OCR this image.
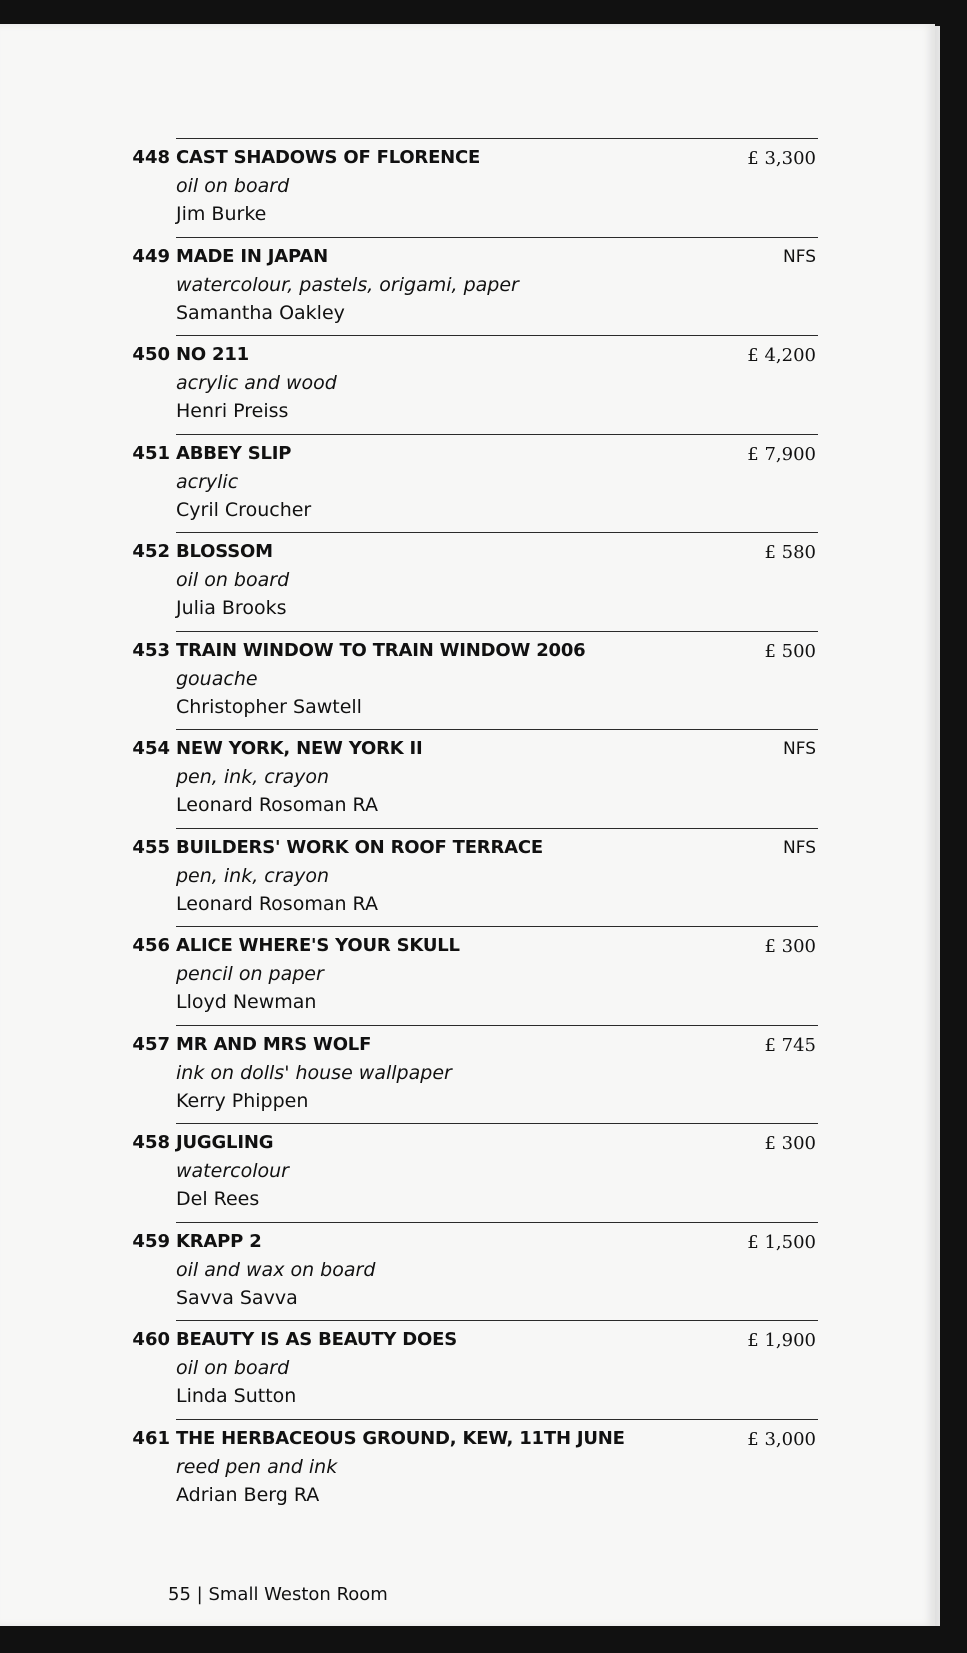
448 CAST SHADOWS OF FLORENCE
oil on board
Jim Burke
£ 3,300
449 MADE IN JAPAN
watercolour, pastels, origami, paper
Samantha Oakley
NFS
450 NO 211
acrylic and wood
Henri Preiss
£ 4,200
451 ABBEY SLIP
acrylic
Cyril Croucher
£ 7,900
452 BLOSSOM
oil on board
Julia Brooks
£ 580
453 TRAIN WINDOW TO TRAIN WINDOW 2006
gouache
Christopher Sawtell
£ 500
454 NEW YORK, NEW YORK II
pen, ink, crayon
Leonard Rosoman RA
NFS
455 BUILDERS' WORK ON ROOF TERRACE
pen, ink, crayon
Leonard Rosoman RA
NFS
456 ALICE WHERE'S YOUR SKULL
pencil on paper
Lloyd Newman
£ 300
457 MR AND MRS WOLF
ink on dolls' house wallpaper
Kerry Phippen
£ 745
458 JUGGLING
watercolour
Del Rees
£ 300
459 KRAPP 2
oil and wax on board
Savva Savva
£ 1,500
460 BEAUTY IS AS BEAUTY DOES
oil on board
Linda Sutton
£ 1,900
461 THE HERBACEOUS GROUND, KEW, 11TH JUNE
reed pen and ink
Adrian Berg RA
£ 3,000
55 | Small Weston Room
